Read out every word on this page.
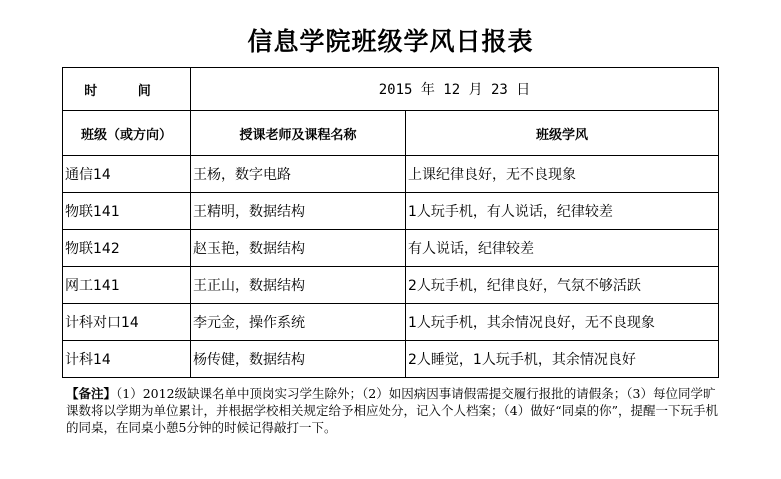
信息学院班级学风日报表
时 间	2015 年 12 月 23 日	
班级（或方向）	授课老师及课程名称	班级学风
通信14	王杨，数字电路	上课纪律良好，无不良现象
物联141	王精明，数据结构	1人玩手机，有人说话，纪律较差
物联142	赵玉艳，数据结构	有人说话，纪律较差
网工141	王正山，数据结构	2人玩手机，纪律良好，气氛不够活跃
计科对口14	李元金，操作系统	1人玩手机，其余情况良好，无不良现象
计科14	杨传健，数据结构	2人睡觉，1人玩手机，其余情况良好
【备注】（1）2012级缺课名单中顶岗实习学生除外；（2）如因病因事请假需提交履行报批的请假条；（3）每位同学旷课数将以学期为单位累计，并根据学校相关规定给予相应处分，记入个人档案；（4）做好“同桌的你”，提醒一下玩手机的同桌，在同桌小憩5分钟的时候记得敲打一下。
